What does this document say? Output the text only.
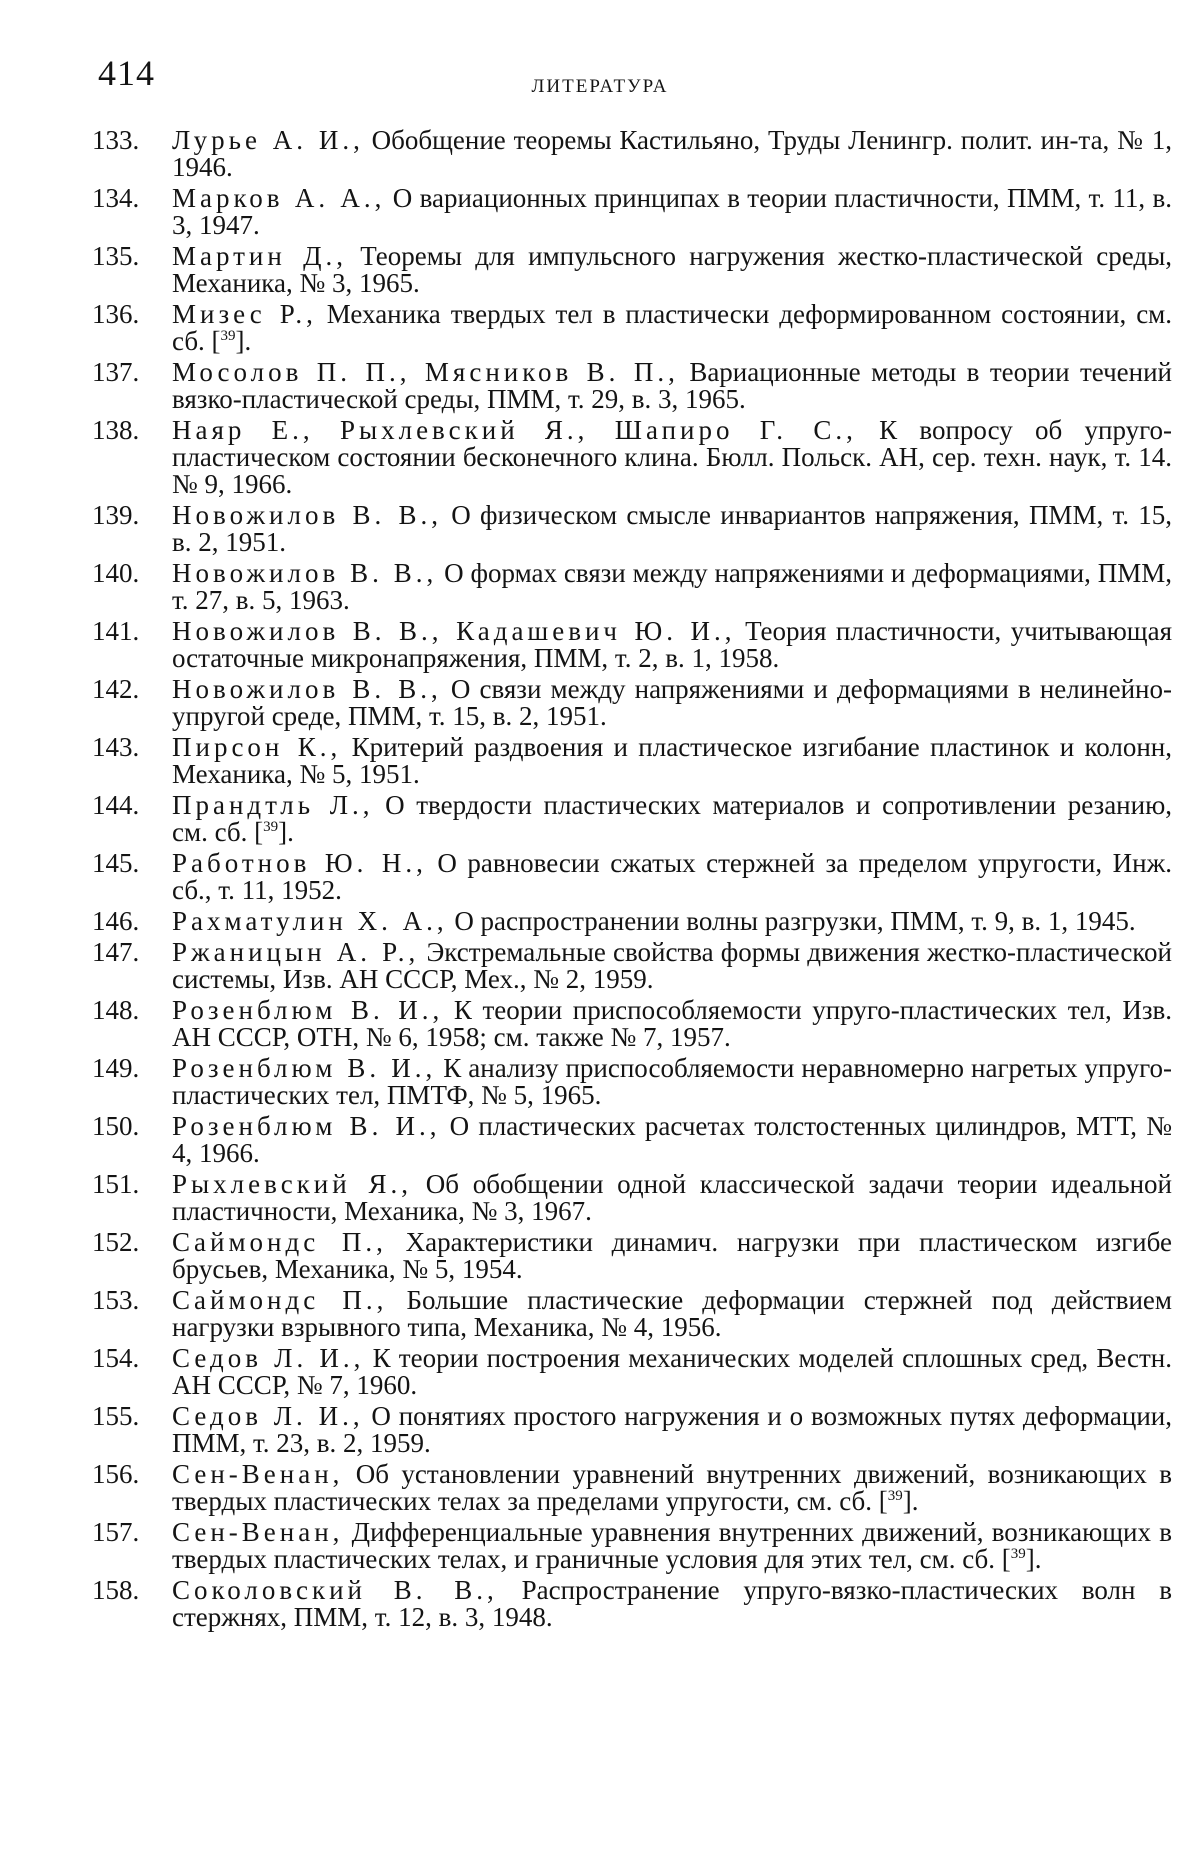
414	ЛИТЕРАТУРА
133.	Лурье А. И., Обобщение теоремы Кастильяно, Труды Ленингр. полит. ин-та, № 1, 1946.
134.	Марков А. А., О вариационных принципах в теории пластичности, ПММ, т. 11, в. 3, 1947.
135.	Мартин Д., Теоремы для импульсного нагружения жестко-пластической среды, Механика, № 3, 1965.
136.	Мизес Р., Механика твердых тел в пластически деформированном состоянии, см. сб. [$^{39}$].
137.	Мосолов П. П., Мясников В. П., Вариационные методы в теории течений вязко-пластической среды, ПММ, т. 29, в. 3, 1965.
138.	Наяр Е., Рыхлевский Я., Шапиро Г. С., К вопросу об упруго-пластическом состоянии бесконечного клина. Бюлл. Польск. АН, сер. техн. наук, т. 14. № 9, 1966.
139.	Новожилов В. В., О физическом смысле инвариантов напряжения, ПММ, т. 15, в. 2, 1951.
140.	Новожилов В. В., О формах связи между напряжениями и деформациями, ПММ, т. 27, в. 5, 1963.
141.	Новожилов В. В., Кадашевич Ю. И., Теория пластичности, учитывающая остаточные микронапряжения, ПММ, т. 2, в. 1, 1958.
142.	Новожилов В. В., О связи между напряжениями и деформациями в нелинейно-упругой среде, ПММ, т. 15, в. 2, 1951.
143.	Пирсон К., Критерий раздвоения и пластическое изгибание пластинок и колонн, Механика, № 5, 1951.
144.	Прандтль Л., О твердости пластических материалов и сопротивлении резанию, см. сб. [$^{39}$].
145.	Работнов Ю. Н., О равновесии сжатых стержней за пределом упругости, Инж. сб., т. 11, 1952.
146.	Рахматулин Х. А., О распространении волны разгрузки, ПММ, т. 9, в. 1, 1945.
147.	Ржаницын А. Р., Экстремальные свойства формы движения жестко-пластической системы, Изв. АН СССР, Мех., № 2, 1959.
148.	Розенблюм В. И., К теории приспособляемости упруго-пластических тел, Изв. АН СССР, ОТН, № 6, 1958; см. также № 7, 1957.
149.	Розенблюм В. И., К анализу приспособляемости неравномерно нагретых упруго-пластических тел, ПМТФ, № 5, 1965.
150.	Розенблюм В. И., О пластических расчетах толстостенных цилиндров, МТТ, № 4, 1966.
151.	Рыхлевский Я., Об обобщении одной классической задачи теории идеальной пластичности, Механика, № 3, 1967.
152.	Саймондс П., Характеристики динамич. нагрузки при пластическом изгибе брусьев, Механика, № 5, 1954.
153.	Саймондс П., Большие пластические деформации стержней под действием нагрузки взрывного типа, Механика, № 4, 1956.
154.	Седов Л. И., К теории построения механических моделей сплошных сред, Вестн. АН СССР, № 7, 1960.
155.	Седов Л. И., О понятиях простого нагружения и о возможных путях деформации, ПММ, т. 23, в. 2, 1959.
156.	Сен-Венан, Об установлении уравнений внутренних движений, возникающих в твердых пластических телах за пределами упругости, см. сб. [$^{39}$].
157.	Сен-Венан, Дифференциальные уравнения внутренних движений, возникающих в твердых пластических телах, и граничные условия для этих тел, см. сб. [$^{39}$].
158.	Соколовский В. В., Распространение упруго-вязко-пластических волн в стержнях, ПММ, т. 12, в. 3, 1948.
